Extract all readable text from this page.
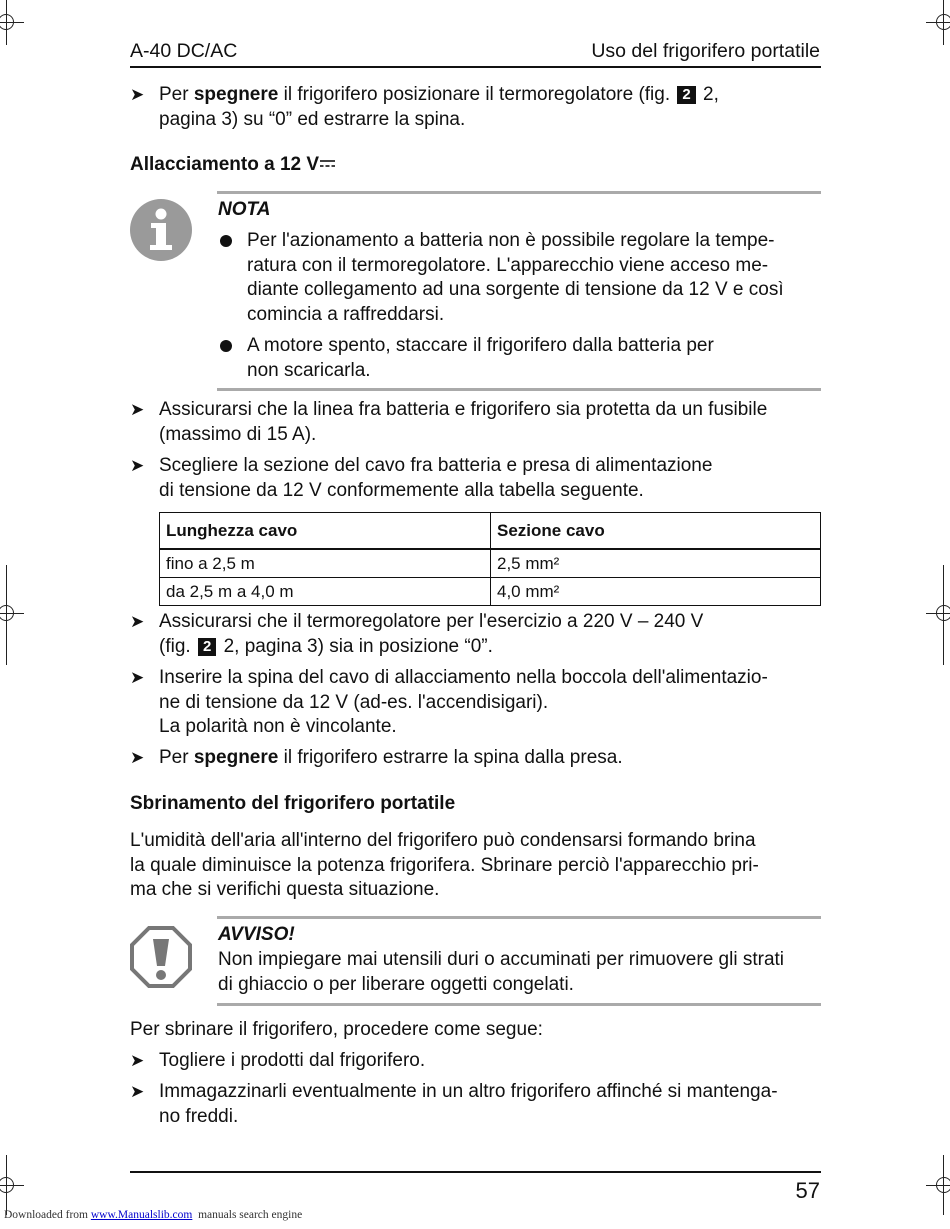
A-40 DC/AC	Uso del frigorifero portatile
➤ Per spegnere il frigorifero posizionare il termoregolatore (fig. 2 2,
pagina 3) su “0” ed estrarre la spina.
Allacciamento a 12 V
NOTA
Per l'azionamento a batteria non è possibile regolare la tempe-
ratura con il termoregolatore. L'apparecchio viene acceso me-
diante collegamento ad una sorgente di tensione da 12 V e così
comincia a raffreddarsi.
A motore spento, staccare il frigorifero dalla batteria per
non scaricarla.
➤ Assicurarsi che la linea fra batteria e frigorifero sia protetta da un fusibile
(massimo di 15 A).
➤ Scegliere la sezione del cavo fra batteria e presa di alimentazione
di tensione da 12 V conformemente alla tabella seguente.
Lunghezza cavo	Sezione cavo
fino a 2,5 m	2,5 mm²
da 2,5 m a 4,0 m	4,0 mm²
➤ Assicurarsi che il termoregolatore per l'esercizio a 220 V – 240 V
(fig. 2 2, pagina 3) sia in posizione “0”.
➤ Inserire la spina del cavo di allacciamento nella boccola dell'alimentazio-
ne di tensione da 12 V (ad-es. l'accendisigari).
La polarità non è vincolante.
➤ Per spegnere il frigorifero estrarre la spina dalla presa.
Sbrinamento del frigorifero portatile
L'umidità dell'aria all'interno del frigorifero può condensarsi formando brina
la quale diminuisce la potenza frigorifera. Sbrinare perciò l'apparecchio pri-
ma che si verifichi questa situazione.
AVVISO!
Non impiegare mai utensili duri o accuminati per rimuovere gli strati
di ghiaccio o per liberare oggetti congelati.
Per sbrinare il frigorifero, procedere come segue:
➤ Togliere i prodotti dal frigorifero.
➤ Immagazzinarli eventualmente in un altro frigorifero affinché si mantenga-
no freddi.
57
Downloaded from www.Manualslib.com  manuals search engine
